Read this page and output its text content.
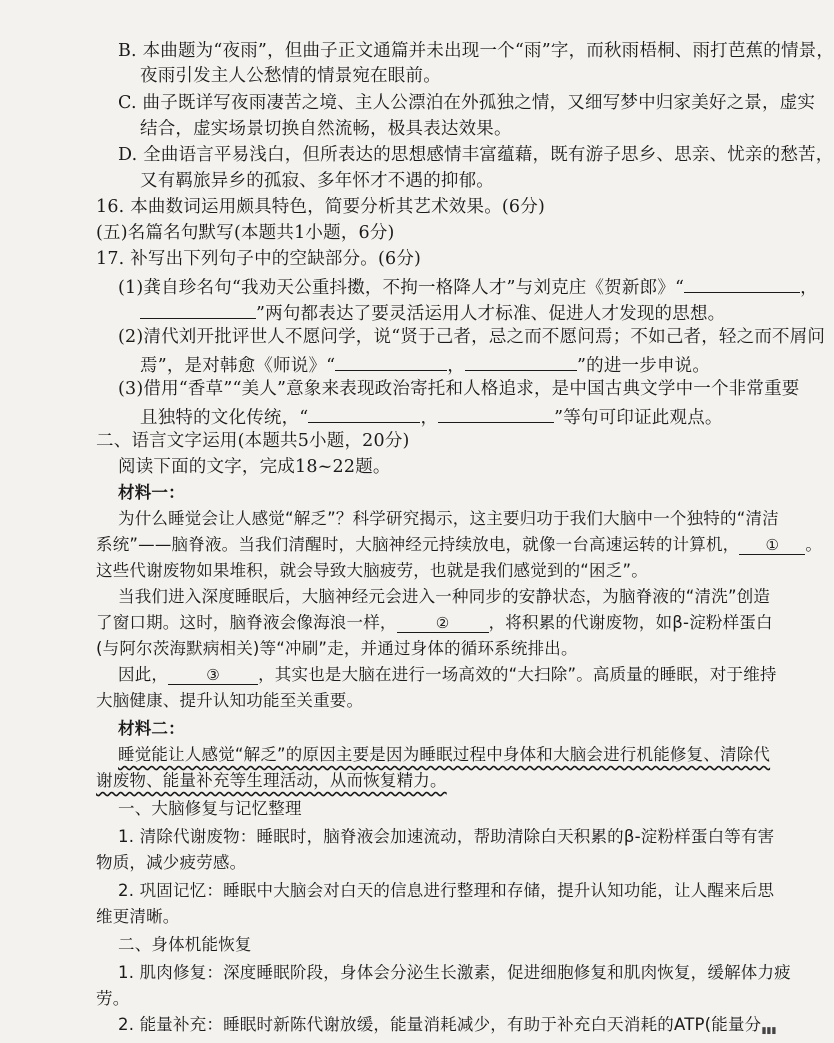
B. 本曲题为“夜雨”，但曲子正文通篇并未出现一个“雨”字，而秋雨梧桐、雨打芭蕉的情景，
夜雨引发主人公愁情的情景宛在眼前。
C. 曲子既详写夜雨凄苦之境、主人公漂泊在外孤独之情，又细写梦中归家美好之景，虚实
结合，虚实场景切换自然流畅，极具表达效果。
D. 全曲语言平易浅白，但所表达的思想感情丰富蕴藉，既有游子思乡、思亲、忧亲的愁苦，
又有羁旅异乡的孤寂、多年怀才不遇的抑郁。
16. 本曲数词运用颇具特色，简要分析其艺术效果。(6分)
(五)名篇名句默写(本题共1小题，6分)
17. 补写出下列句子中的空缺部分。(6分)
(1)龚自珍名句“我劝天公重抖擞，不拘一格降人才”与刘克庄《贺新郎》“	，
”两句都表达了要灵活运用人才标准、促进人才发现的思想。
(2)清代刘开批评世人不愿问学，说“贤于己者，忌之而不愿问焉；不如己者，轻之而不屑问
焉”，是对韩愈《师说》“	，	”的进一步申说。
(3)借用“香草”“美人”意象来表现政治寄托和人格追求，是中国古典文学中一个非常重要
且独特的文化传统，“	，	”等句可印证此观点。
二、语言文字运用(本题共5小题，20分)
阅读下面的文字，完成18~22题。
材料一：
为什么睡觉会让人感觉“解乏”？科学研究揭示，这主要归功于我们大脑中一个独特的“清洁
系统”——脑脊液。当我们清醒时，大脑神经元持续放电，就像一台高速运转的计算机， ① 。
这些代谢废物如果堆积，就会导致大脑疲劳，也就是我们感觉到的“困乏”。
当我们进入深度睡眠后，大脑神经元会进入一种同步的安静状态，为脑脊液的“清洗”创造
了窗口期。这时，脑脊液会像海浪一样，	② ，将积累的代谢废物，如β-淀粉样蛋白
(与阿尔茨海默病相关)等“冲刷”走，并通过身体的循环系统排出。
因此，	③ ，其实也是大脑在进行一场高效的“大扫除”。高质量的睡眠，对于维持
大脑健康、提升认知功能至关重要。
材料二：
睡觉能让人感觉“解乏”的原因主要是因为睡眠过程中身体和大脑会进行机能修复、清除代
谢废物、能量补充等生理活动，从而恢复精力。
一、大脑修复与记忆整理
1. 清除代谢废物：睡眠时，脑脊液会加速流动，帮助清除白天积累的β-淀粉样蛋白等有害
物质，减少疲劳感。
2. 巩固记忆：睡眠中大脑会对白天的信息进行整理和存储，提升认知功能，让人醒来后思
维更清晰。
二、身体机能恢复
1. 肌肉修复：深度睡眠阶段，身体会分泌生长激素，促进细胞修复和肌肉恢复，缓解体力疲
劳。
2. 能量补充：睡眠时新陈代谢放缓，能量消耗减少，有助于补充白天消耗的ATP(能量分 ▮▮▮
